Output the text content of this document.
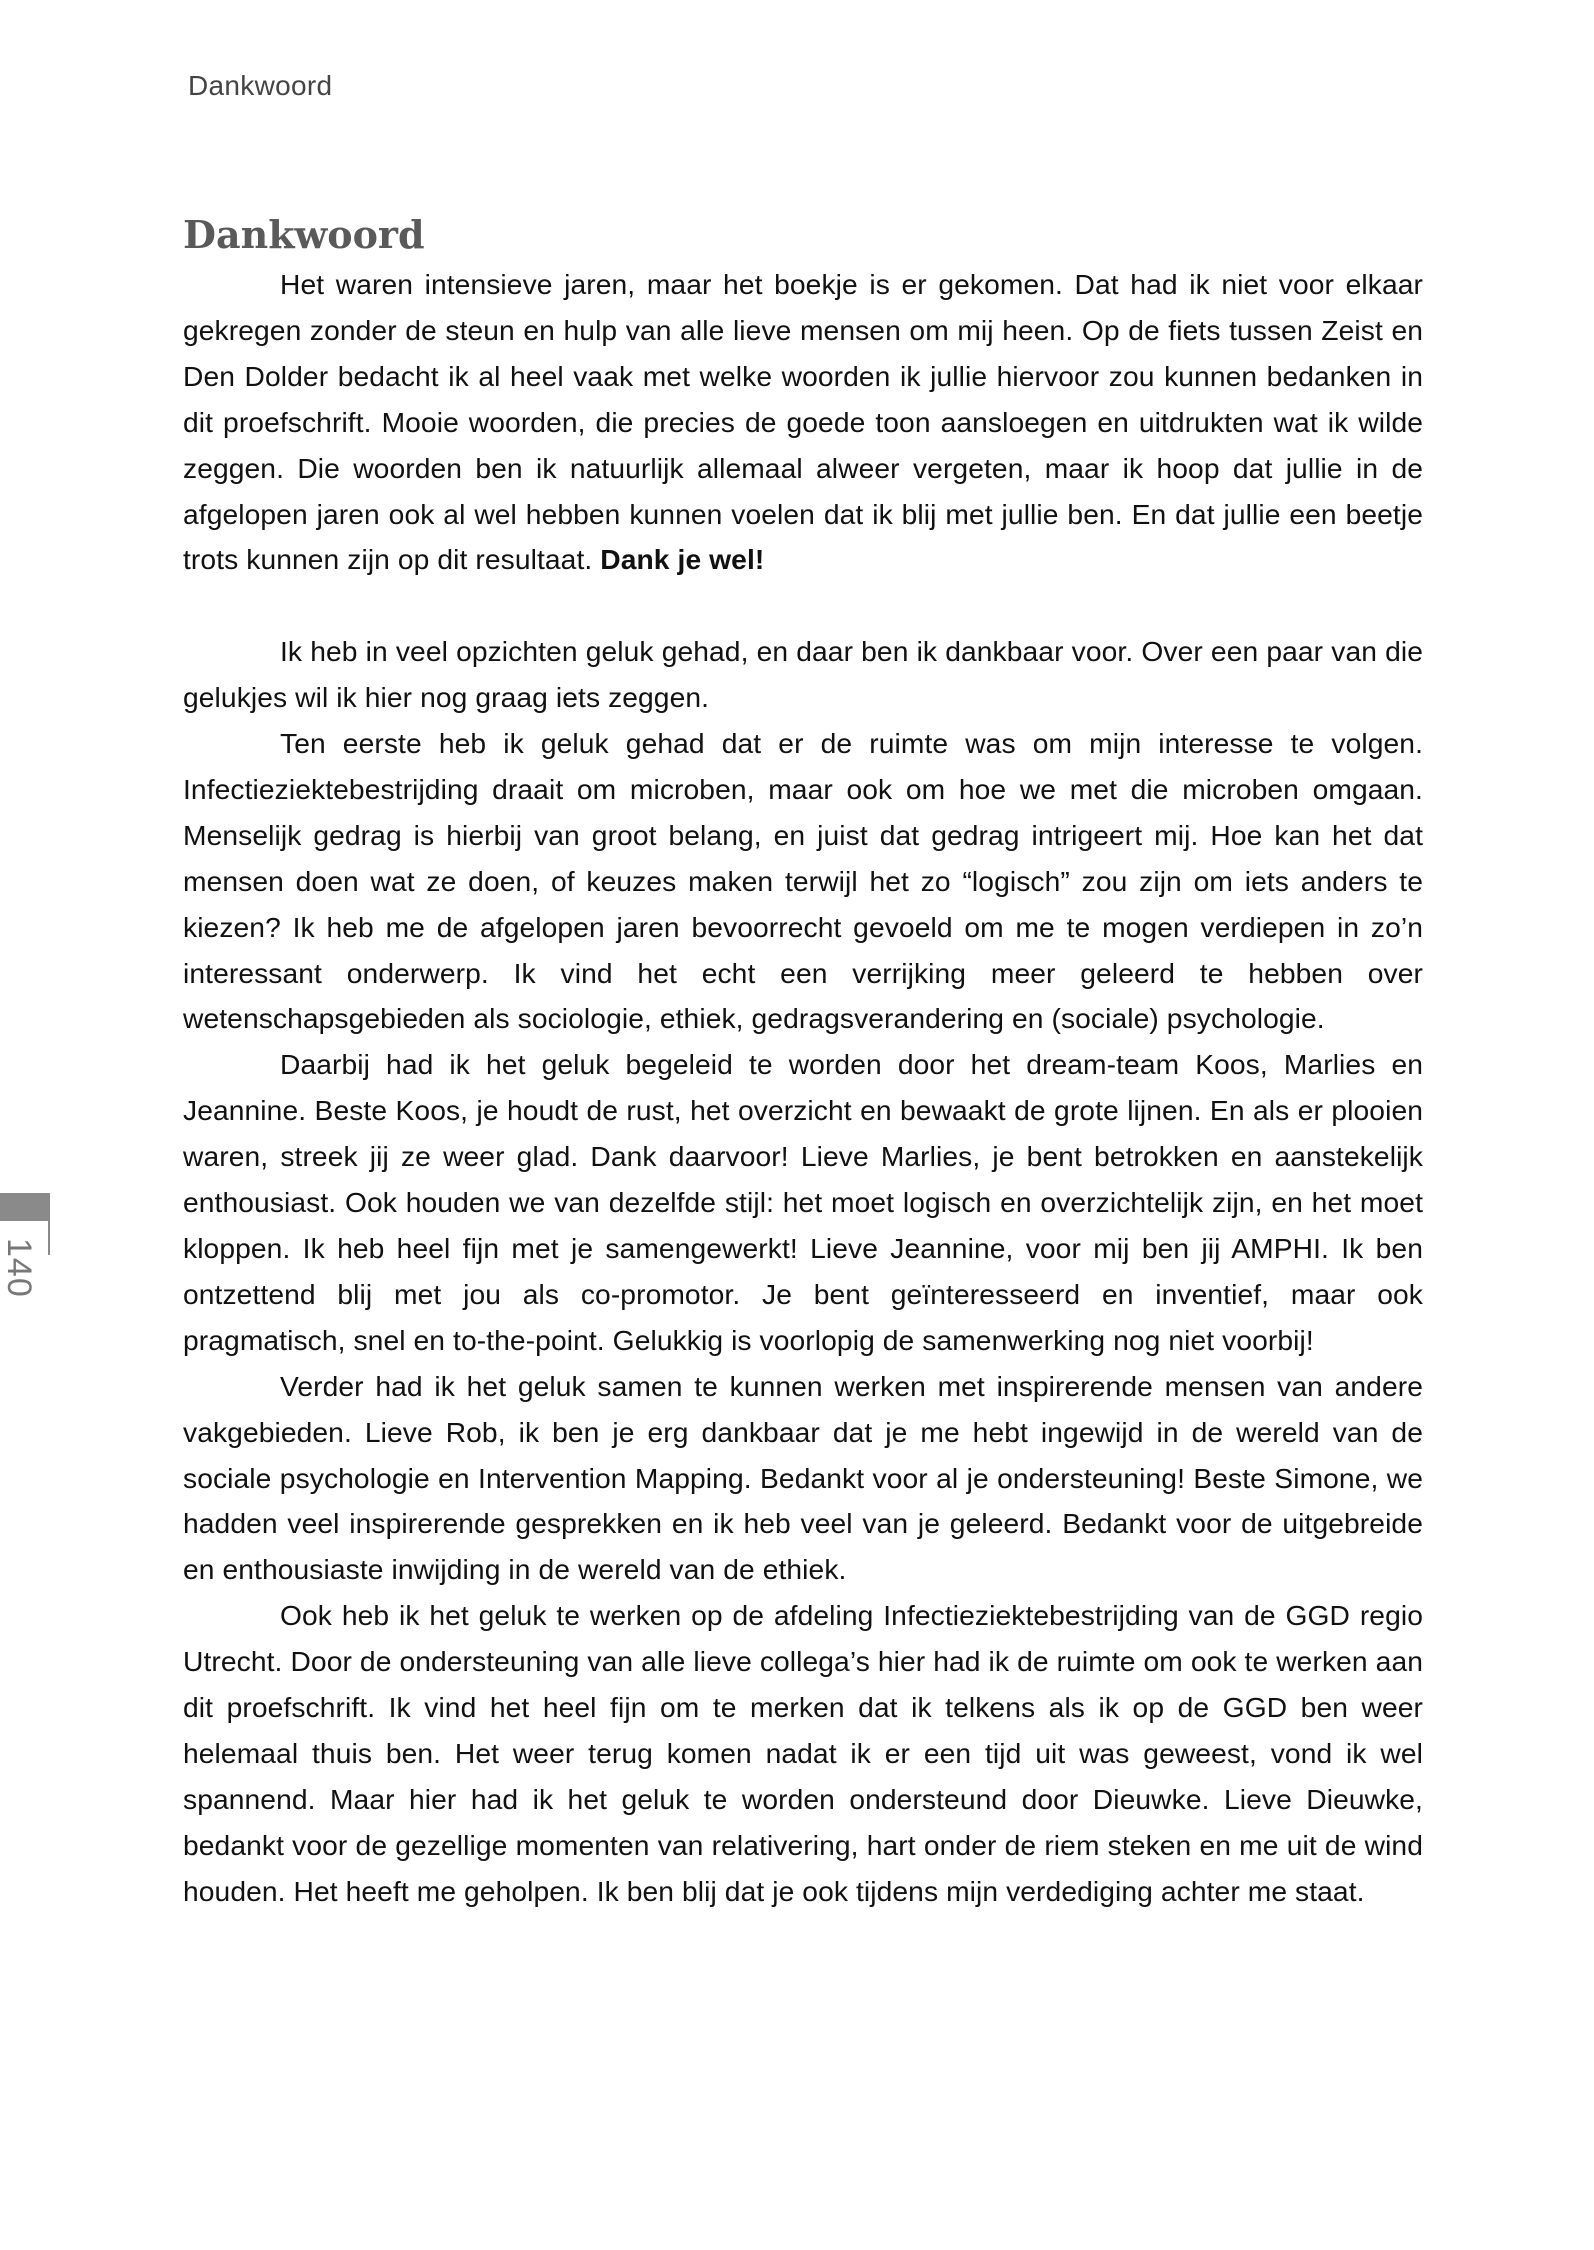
Dankwoord
140
Dankwoord

Het waren intensieve jaren, maar het boekje is er gekomen. Dat had ik niet voor elkaar gekregen zonder de steun en hulp van alle lieve mensen om mij heen. Op de fiets tussen Zeist en Den Dolder bedacht ik al heel vaak met welke woorden ik jullie hiervoor zou kunnen bedanken in dit proefschrift. Mooie woorden, die precies de goede toon aansloegen en uitdrukten wat ik wilde zeggen. Die woorden ben ik natuurlijk allemaal alweer vergeten, maar ik hoop dat jullie in de afgelopen jaren ook al wel hebben kunnen voelen dat ik blij met jullie ben. En dat jullie een beetje trots kunnen zijn op dit resultaat. Dank je wel!

Ik heb in veel opzichten geluk gehad, en daar ben ik dankbaar voor. Over een paar van die gelukjes wil ik hier nog graag iets zeggen.

Ten eerste heb ik geluk gehad dat er de ruimte was om mijn interesse te volgen. Infectieziektebestrijding draait om microben, maar ook om hoe we met die microben omgaan. Menselijk gedrag is hierbij van groot belang, en juist dat gedrag intrigeert mij. Hoe kan het dat mensen doen wat ze doen, of keuzes maken terwijl het zo “logisch” zou zijn om iets anders te kiezen? Ik heb me de afgelopen jaren bevoorrecht gevoeld om me te mogen verdiepen in zo’n interessant onderwerp. Ik vind het echt een verrijking meer geleerd te hebben over wetenschapsgebieden als sociologie, ethiek, gedragsverandering en (sociale) psychologie.

Daarbij had ik het geluk begeleid te worden door het dream-team Koos, Marlies en Jeannine. Beste Koos, je houdt de rust, het overzicht en bewaakt de grote lijnen. En als er plooien waren, streek jij ze weer glad. Dank daarvoor! Lieve Marlies, je bent betrokken en aanstekelijk enthousiast. Ook houden we van dezelfde stijl: het moet logisch en overzichtelijk zijn, en het moet kloppen. Ik heb heel fijn met je samengewerkt! Lieve Jeannine, voor mij ben jij AMPHI. Ik ben ontzettend blij met jou als co-promotor. Je bent geïnteresseerd en inventief, maar ook pragmatisch, snel en to-the-point. Gelukkig is voorlopig de samenwerking nog niet voorbij!

Verder had ik het geluk samen te kunnen werken met inspirerende mensen van andere vakgebieden. Lieve Rob, ik ben je erg dankbaar dat je me hebt ingewijd in de wereld van de sociale psychologie en Intervention Mapping. Bedankt voor al je ondersteuning! Beste Simone, we hadden veel inspirerende gesprekken en ik heb veel van je geleerd. Bedankt voor de uitgebreide en enthousiaste inwijding in de wereld van de ethiek.

Ook heb ik het geluk te werken op de afdeling Infectieziektebestrijding van de GGD regio Utrecht. Door de ondersteuning van alle lieve collega’s hier had ik de ruimte om ook te werken aan dit proefschrift. Ik vind het heel fijn om te merken dat ik telkens als ik op de GGD ben weer helemaal thuis ben. Het weer terug komen nadat ik er een tijd uit was geweest, vond ik wel spannend. Maar hier had ik het geluk te worden ondersteund door Dieuwke. Lieve Dieuwke, bedankt voor de gezellige momenten van relativering, hart onder de riem steken en me uit de wind houden. Het heeft me geholpen. Ik ben blij dat je ook tijdens mijn verdediging achter me staat.
